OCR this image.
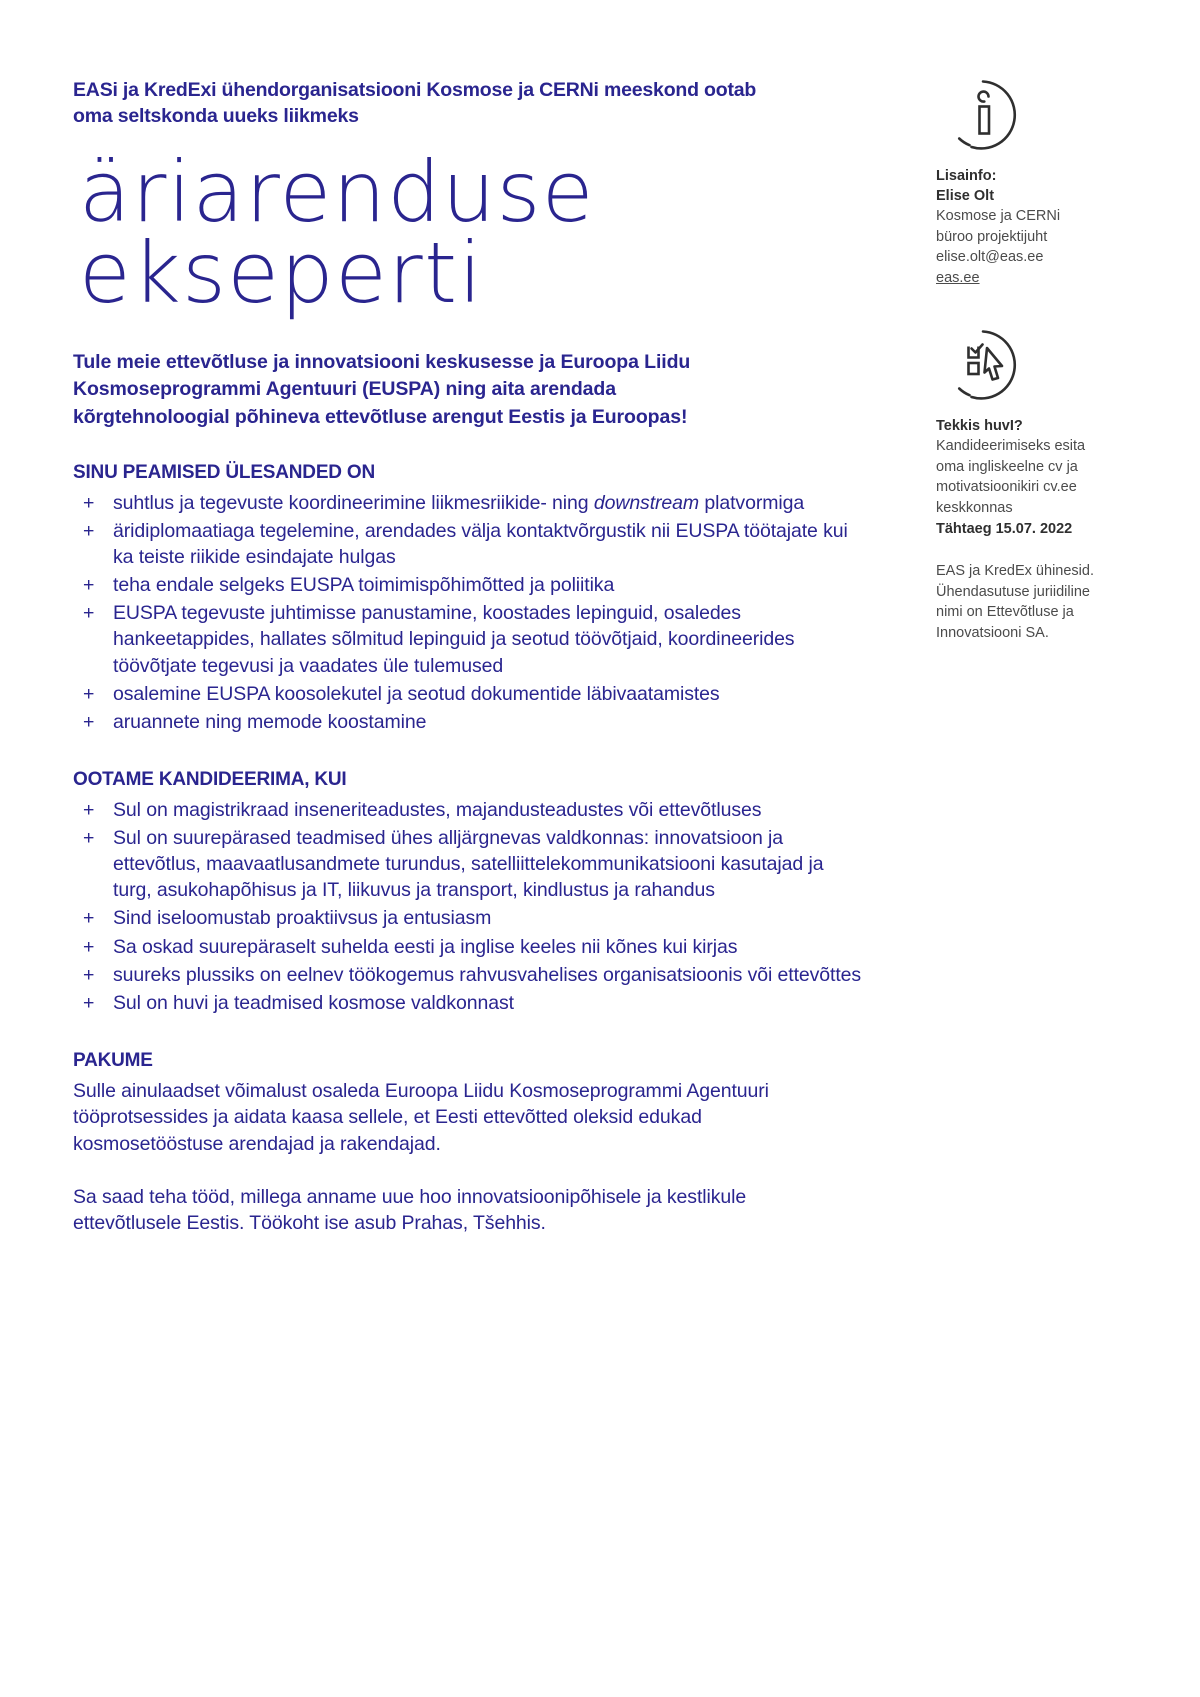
EASi ja KredExi ühendorganisatsiooni Kosmose ja CERNi meeskond ootab
oma seltskonda uueks liikmeks
äriarenduse
ekseperti
Tule meie ettevõtluse ja innovatsiooni keskusesse ja Euroopa Liidu
Kosmoseprogrammi Agentuuri (EUSPA) ning aita arendada
kõrgtehnoloogial põhineva ettevõtluse arengut Eestis ja Euroopas!
SINU PEAMISED ÜLESANDED ON
+ suhtlus ja tegevuste koordineerimine liikmesriikide- ning downstream platvormiga
+ äridiplomaatiaga tegelemine, arendades välja kontaktvõrgustik nii EUSPA töötajate kui ka teiste riikide esindajate hulgas
+ teha endale selgeks EUSPA toimimispõhimõtted ja poliitika
+ EUSPA tegevuste juhtimisse panustamine, koostades lepinguid, osaledes hankeetappides, hallates sõlmitud lepinguid ja seotud töövõtjaid, koordineerides töövõtjate tegevusi ja vaadates üle tulemused
+ osalemine EUSPA koosolekutel ja seotud dokumentide läbivaatamistes
+ aruannete ning memode koostamine
OOTAME KANDIDEERIMA, KUI
+ Sul on magistrikraad inseneriteadustes, majandusteadustes või ettevõtluses
+ Sul on suurepärased teadmised ühes alljärgnevas valdkonnas: innovatsioon ja ettevõtlus, maavaatlusandmete turundus, satelliittelekommunikatsiooni kasutajad ja turg, asukohapõhisus ja IT, liikuvus ja transport, kindlustus ja rahandus
+ Sind iseloomustab proaktiivsus ja entusiasm
+ Sa oskad suurepäraselt suhelda eesti ja inglise keeles nii kõnes kui kirjas
+ suureks plussiks on eelnev töökogemus rahvusvahelises organisatsioonis või ettevõttes
+ Sul on huvi ja teadmised kosmose valdkonnast
PAKUME

Sulle ainulaadset võimalust osaleda Euroopa Liidu Kosmoseprogrammi Agentuuri tööprotsessides ja aidata kaasa sellele, et Eesti ettevõtted oleksid edukad kosmosetööstuse arendajad ja rakendajad.

Sa saad teha tööd, millega anname uue hoo innovatsioonipõhisele ja kestlikule ettevõtlusele Eestis. Töökoht ise asub Prahas, Tšehhis.

Lisainfo:

Elise Olt

Kosmose ja CERNi

büroo projektijuht

elise.olt@eas.ee

eas.ee

Tekkis huvI?

Kandideerimiseks esita

oma ingliskeelne cv ja

motivatsioonikiri cv.ee

keskkonnas

Tähtaeg 15.07. 2022

EAS ja KredEx ühinesid.

Ühendasutuse juriidiline

nimi on Ettevõtluse ja

Innovatsiooni SA.
